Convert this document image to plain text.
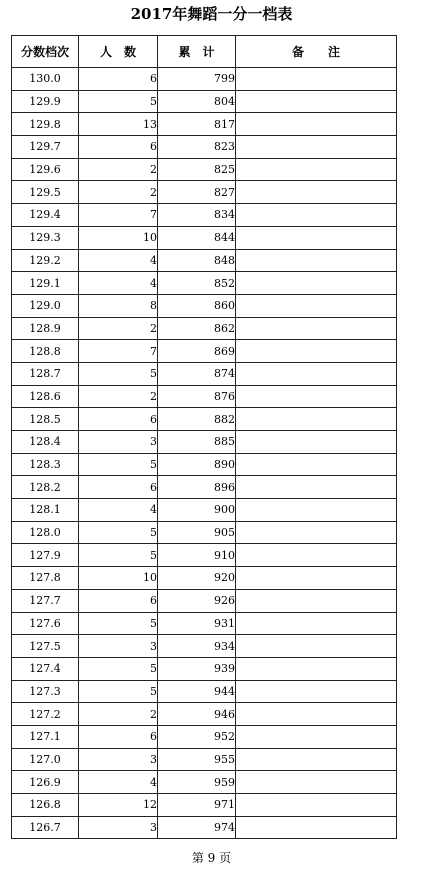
2017年舞蹈一分一档表
分数档次	人　数	累　计	备　　注
130.0	6	799	
129.9	5	804	
129.8	13	817	
129.7	6	823	
129.6	2	825	
129.5	2	827	
129.4	7	834	
129.3	10	844	
129.2	4	848	
129.1	4	852	
129.0	8	860	
128.9	2	862	
128.8	7	869	
128.7	5	874	
128.6	2	876	
128.5	6	882	
128.4	3	885	
128.3	5	890	
128.2	6	896	
128.1	4	900	
128.0	5	905	
127.9	5	910	
127.8	10	920	
127.7	6	926	
127.6	5	931	
127.5	3	934	
127.4	5	939	
127.3	5	944	
127.2	2	946	
127.1	6	952	
127.0	3	955	
126.9	4	959	
126.8	12	971	
126.7	3	974	
第 9 页
